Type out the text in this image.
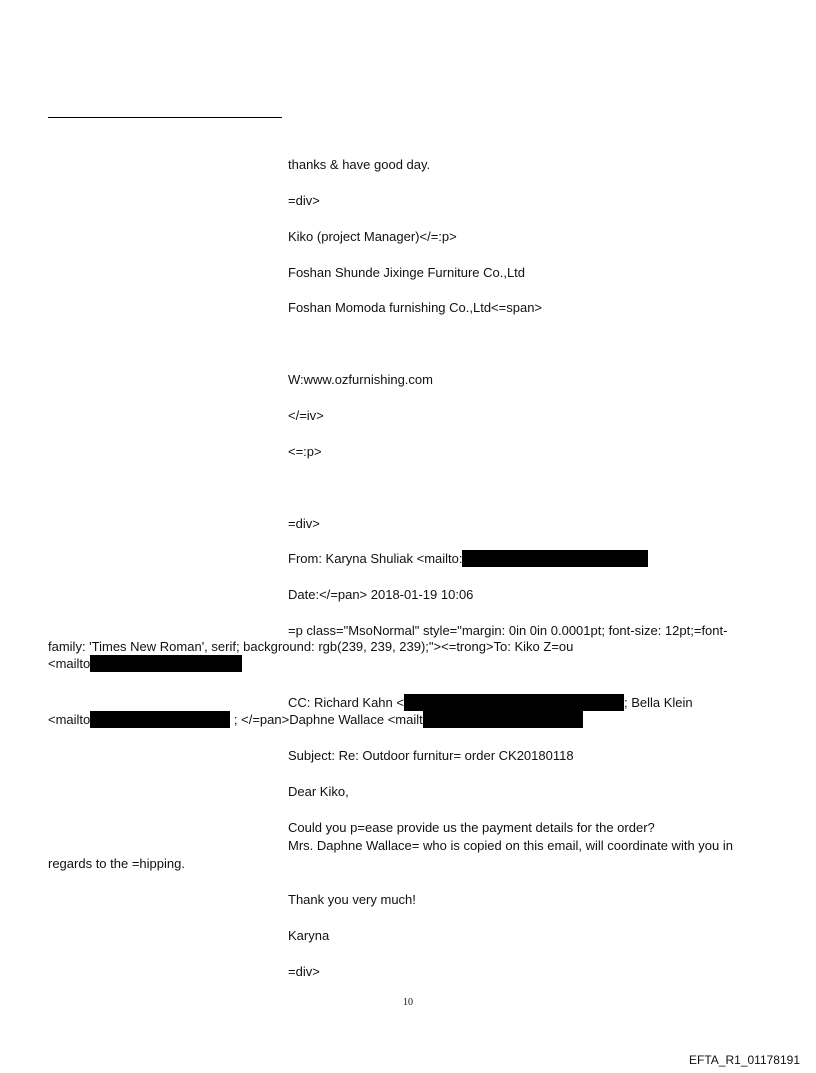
thanks & have good day.
=div>
Kiko (project Manager)</=:p>
Foshan Shunde Jixinge Furniture Co.,Ltd
Foshan Momoda furnishing Co.,Ltd<=span>
W:www.ozfurnishing.com
</=iv>
<=:p>
=div>
From: Karyna Shuliak <mailto:
Date:</=pan> 2018-01-19 10:06
=p class="MsoNormal" style="margin: 0in 0in 0.0001pt; font-size: 12pt;=font-
family: 'Times New Roman', serif; background: rgb(239, 239, 239);"><=trong>To: Kiko Z=ou
<mailto
CC: Richard Kahn <	; Bella Klein
<mailto	; </=pan>Daphne Wallace <mailt
Subject: Re: Outdoor furnitur= order CK20180118
Dear Kiko,
Could you p=ease provide us the payment details for the order?
Mrs. Daphne Wallace= who is copied on this email, will coordinate with you in
regards to the =hipping.
Thank you very much!
Karyna
=div>
10
EFTA_R1_01178191
